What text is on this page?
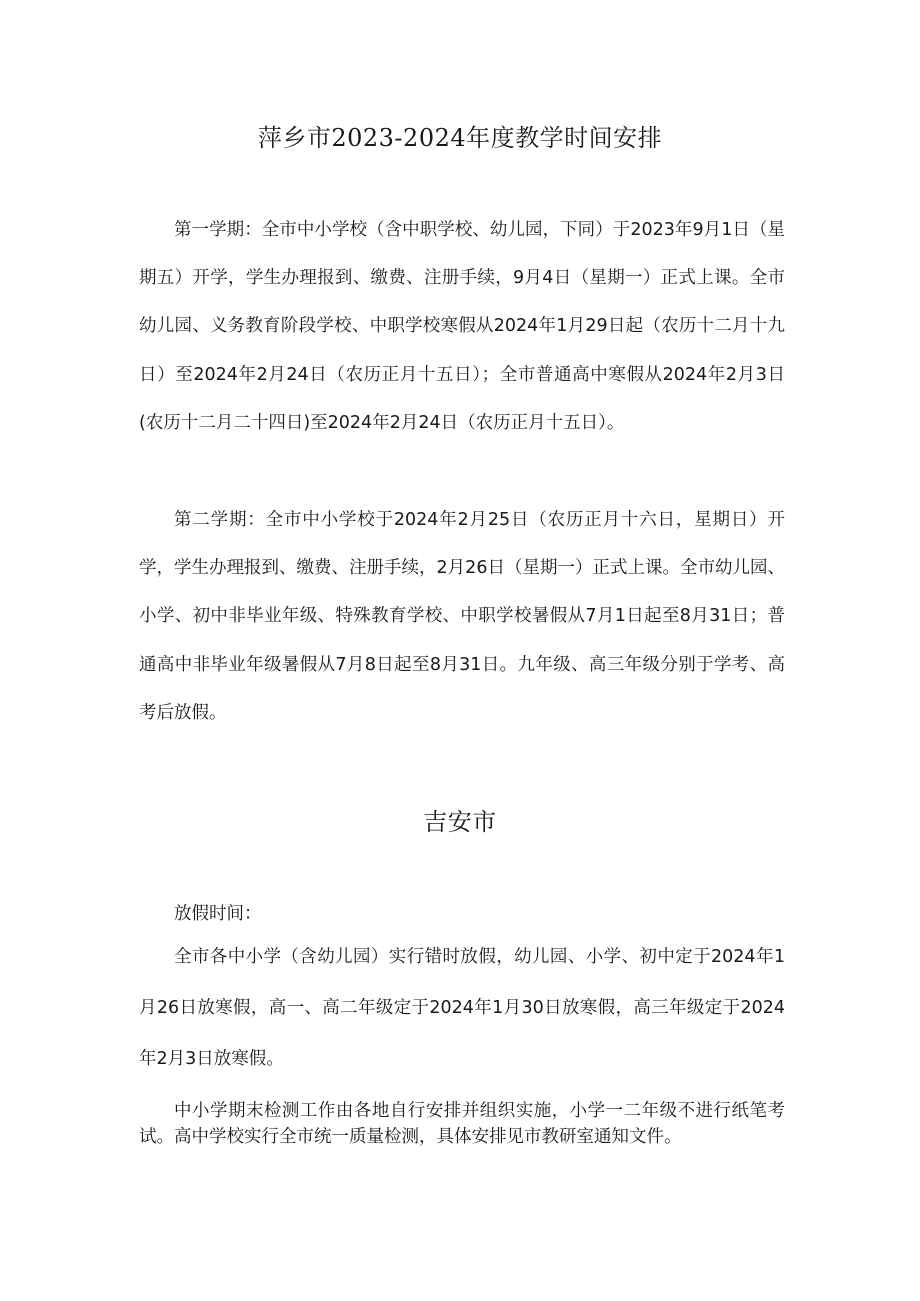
萍乡市2023-2024年度教学时间安排

第一学期：全市中小学校（含中职学校、幼儿园，下同）于2023年9月1日（星期五）开学，学生办理报到、缴费、注册手续，9月4日（星期一）正式上课。全市幼儿园、义务教育阶段学校、中职学校寒假从2024年1月29日起（农历十二月十九日）至2024年2月24日（农历正月十五日）；全市普通高中寒假从2024年2月3日(农历十二月二十四日)至2024年2月24日（农历正月十五日）。

第二学期：全市中小学校于2024年2月25日（农历正月十六日，星期日）开学，学生办理报到、缴费、注册手续，2月26日（星期一）正式上课。全市幼儿园、小学、初中非毕业年级、特殊教育学校、中职学校暑假从7月1日起至8月31日；普通高中非毕业年级暑假从7月8日起至8月31日。九年级、高三年级分别于学考、高考后放假。

吉安市

放假时间：

全市各中小学（含幼儿园）实行错时放假，幼儿园、小学、初中定于2024年1月26日放寒假，高一、高二年级定于2024年1月30日放寒假，高三年级定于2024年2月3日放寒假。

中小学期末检测工作由各地自行安排并组织实施，小学一二年级不进行纸笔考试。高中学校实行全市统一质量检测，具体安排见市教研室通知文件。
